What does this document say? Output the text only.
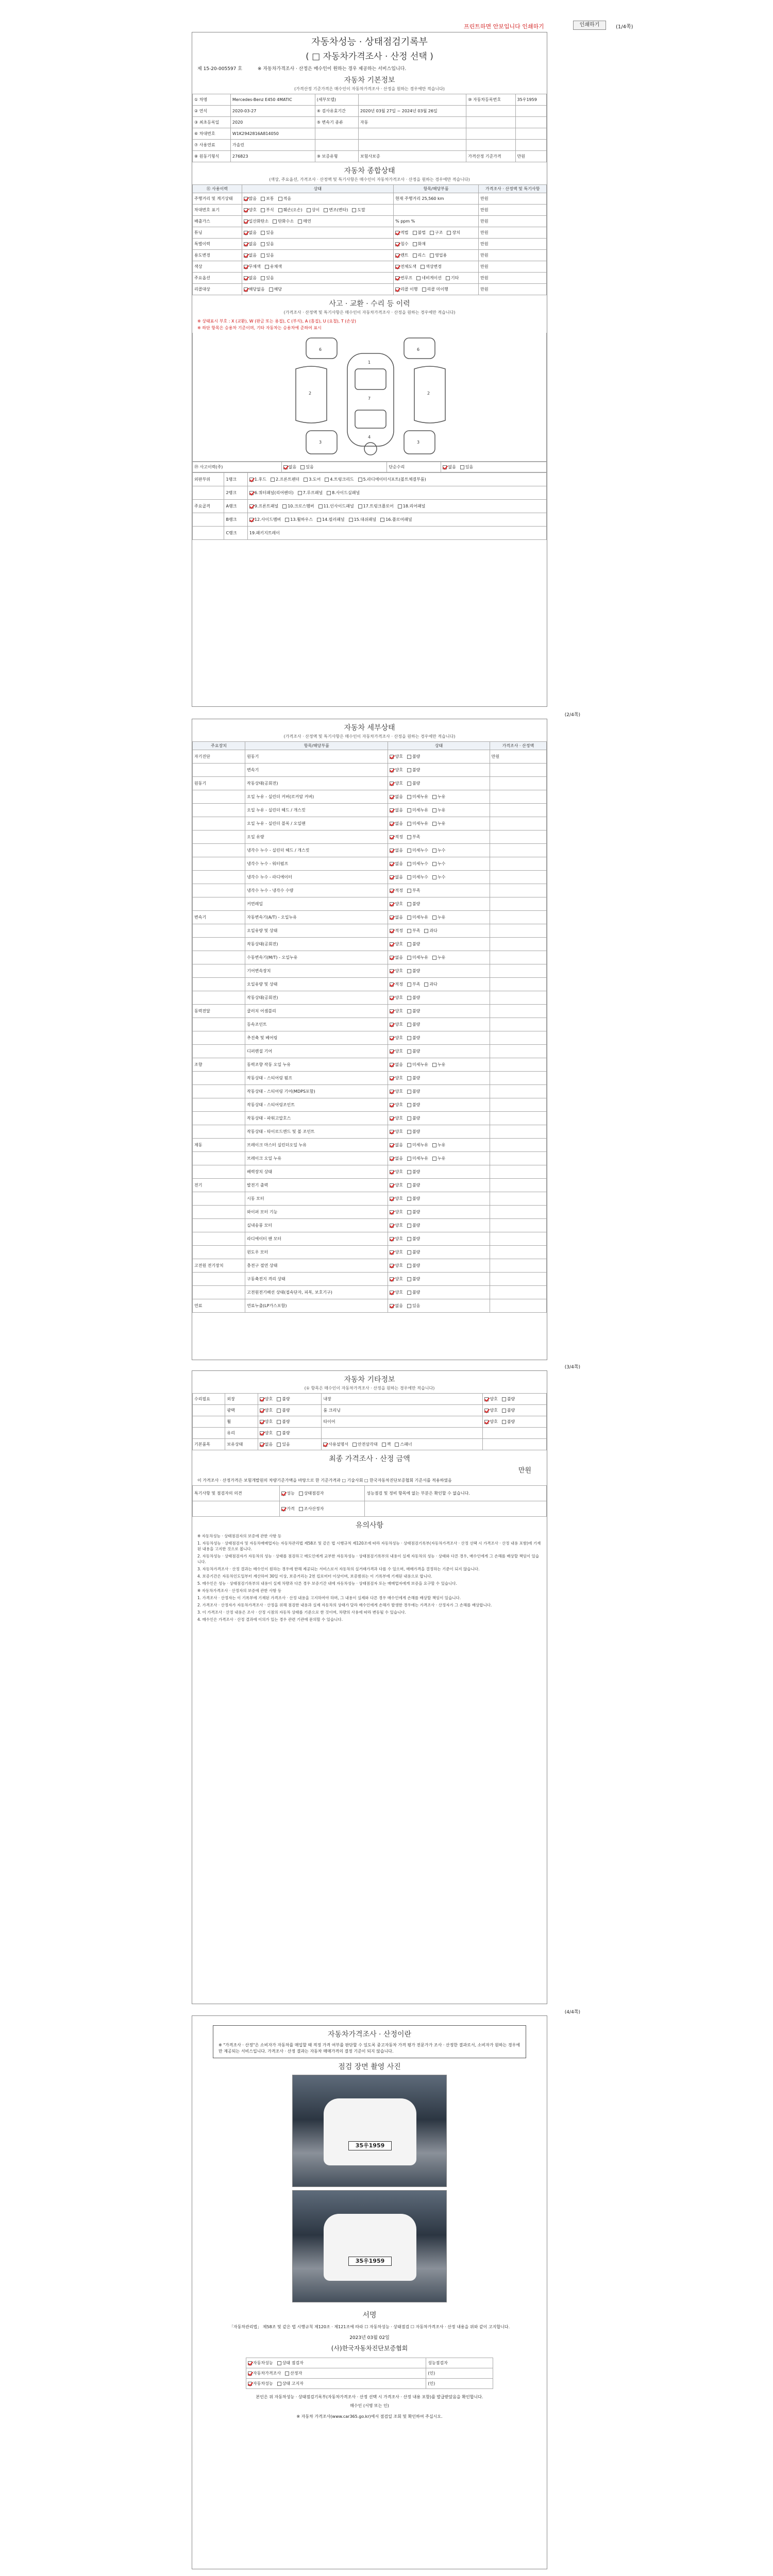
프린트하면 안보입니다 인쇄하기	인쇄하기	(1/4쪽)
자동차성능 · 상태점검기록부
( □ 자동차가격조사 · 산정 선택 )
제 15-20-005597 호	※ 자동차가격조사 · 산정은 매수인이 원하는 경우 제공하는 서비스입니다.
자동차 기본정보
(가격산정 기준가격은 매수인이 자동차가격조사 · 산정을 원하는 경우에만 적습니다)
① 차명	Mercedes-Benz E450 4MATIC	(세부모델)		⑩ 자동차등록번호	35우1959
② 연식	2020-03-27	④ 검사유효기간	2020년 03월 27일 ~ 2024년 03월 26일		
③ 최초등록일	2020	⑤ 변속기 종류	자동		
⑥ 차대번호	W1K2942816A814050				
⑦ 사용연료	가솔린				
⑧ 원동기형식	276823	⑨ 보증유형	보험사보증	가격산정 기준가격	만원
자동차 종합상태
(색상, 주요옵션, 가격조사 · 산정액 및 특기사항은 매수인이 자동차가격조사 · 산정을 원하는 경우에만 적습니다)
⑪ 사용이력	상태	항목/해당부품	가격조사 · 산정액 및 특기사항
주행거리 및 계기상태	많음 보통 적음	현재 주행거리 25,560 km	만원
차대번호 표기	양호 부식 훼손(오손) 상이 변조(변타) 도말		만원
배출가스	일산화탄소 탄화수소 매연	% ppm %	만원
튜닝	없음 있음	적법 불법 구조 장치	만원
특별이력	없음 있음	침수 화재	만원
용도변경	없음 있음	렌트 리스 영업용	만원
색상	무채색 유채색	전체도색 색상변경	만원
주요옵션	없음 있음	썬루프 네비게이션 기타	만원
리콜대상	해당없음 해당	리콜 이행 리콜 미이행	만원
사고 · 교환 · 수리 등 이력
(가격조사 · 산정액 및 특기사항은 매수인이 자동차가격조사 · 산정을 원하는 경우에만 적습니다)
※ 상태표시 부호 : X (교환), W (판금 또는 용접), C (부식), A (흠집), U (요철), T (손상)
※ 하단 항목은 승용차 기준이며, 기타 자동차는 승용차에 준하여 표시
1
7
4
2	2
3	3
6	6
⑲ 사고이력(주)	없음 있음	단순수리	없음 있음
외판부위	1랭크	1.후드 2.프론트펜더 3.도어 4.트렁크리드 5.라디에이터서포트(볼트체결부품)
	2랭크	6.쿼터패널(리어펜더) 7.루프패널 8.사이드실패널
주요골격	A랭크	9.프론트패널 10.크로스멤버 11.인사이드패널 17.트렁크플로어 18.리어패널
	B랭크	12.사이드멤버 13.휠하우스 14.필러패널 15.대쉬패널 16.플로어패널
	C랭크	19.패키지트레이
(2/4쪽)
자동차 세부상태
(가격조사 · 산정액 및 특기사항은 매수인이 자동차가격조사 · 산정을 원하는 경우에만 적습니다)
주요장치	항목/해당부품	상태	가격조사 · 산정액
자기진단	원동기	양호 불량	만원
	변속기	양호 불량	
원동기	작동상태(공회전)	양호 불량	
	오일 누유 - 실린더 커버(로커암 커버)	없음 미세누유 누유	
	오일 누유 - 실린더 헤드 / 개스킷	없음 미세누유 누유	
	오일 누유 - 실린더 블록 / 오일팬	없음 미세누유 누유	
	오일 유량	적정 부족	
	냉각수 누수 - 실린더 헤드 / 개스킷	없음 미세누수 누수	
	냉각수 누수 - 워터펌프	없음 미세누수 누수	
	냉각수 누수 - 라디에이터	없음 미세누수 누수	
	냉각수 누수 - 냉각수 수량	적정 부족	
	커먼레일	양호 불량	
변속기	자동변속기(A/T) - 오일누유	없음 미세누유 누유	
	오일유량 및 상태	적정 부족 과다	
	작동상태(공회전)	양호 불량	
	수동변속기(M/T) - 오일누유	없음 미세누유 누유	
	기어변속장치	양호 불량	
	오일유량 및 상태	적정 부족 과다	
	작동상태(공회전)	양호 불량	
동력전달	클러치 어셈블리	양호 불량	
	등속조인트	양호 불량	
	추진축 및 베어링	양호 불량	
	디퍼렌셜 기어	양호 불량	
조향	동력조향 작동 오일 누유	없음 미세누유 누유	
	작동상태 - 스티어링 펌프	양호 불량	
	작동상태 - 스티어링 기어(MDPS포함)	양호 불량	
	작동상태 - 스티어링조인트	양호 불량	
	작동상태 - 파워고압호스	양호 불량	
	작동상태 - 타이로드엔드 및 볼 조인트	양호 불량	
제동	브레이크 마스터 실린더오일 누유	없음 미세누유 누유	
	브레이크 오일 누유	없음 미세누유 누유	
	배력장치 상태	양호 불량	
전기	발전기 출력	양호 불량	
	시동 모터	양호 불량	
	와이퍼 모터 기능	양호 불량	
	실내송풍 모터	양호 불량	
	라디에이터 팬 모터	양호 불량	
	윈도우 모터	양호 불량	
고전원 전기장치	충전구 절연 상태	양호 불량	
	구동축전지 격리 상태	양호 불량	
	고전원전기배선 상태(접속단자, 피복, 보호기구)	양호 불량	
연료	연료누출(LP가스포함)	없음 있음	
(3/4쪽)
자동차 기타정보
(① 항목은 매수인이 자동차가격조사 · 산정을 원하는 경우에만 적습니다)
수리필요	외장	양호 불량	내장	양호 불량
	광택	양호 불량	룸 크리닝	양호 불량
	휠	양호 불량	타이어	양호 불량
	유리	양호 불량		
기본품목	보유상태	없음 있음	사용설명서 안전삼각대 잭 스패너	
최종 가격조사 · 산정 금액
만원
이 가격조사 · 산정가격은 보험개발원의 차량기준가액을 바탕으로 한 기준가격과 □ 기술사회 □ 한국자동차진단보증협회 기준서를 적용하였음
특기사항 및 점검자의 의견	성능 상태점검자	성능점검 및 정비 항목에 없는 부분은 확인할 수 없습니다.
	가격 조사산정자	
유의사항

※ 자동차성능 · 상태점검자의 보증에 관한 사항 등

1. 자동차성능 · 상태점검자 및 자동차매매업자는 자동차관리법 제58조 및 같은 법 시행규칙 제120조에 따라 자동차성능 · 상태점검기록부(자동차가격조사 · 산정 선택 시 가격조사 · 산정 내용 포함)에 기재된 내용을 고지한 것으로 봅니다.

2. 자동차성능 · 상태점검자가 자동차의 성능 · 상태를 점검하고 매도인에게 교부한 자동차성능 · 상태점검기록부의 내용이 실제 자동차의 성능 · 상태와 다른 경우, 매수인에게 그 손해를 배상할 책임이 있습니다.

3. 자동차가격조사 · 산정 결과는 매수인이 원하는 경우에 한해 제공되는 서비스로서 자동차의 실거래가격과 다를 수 있으며, 매매가격을 결정하는 기준이 되지 않습니다.

4. 보증기간은 자동차인도일부터 계산하여 30일 이상, 보증거리는 2천 킬로미터 이상이며, 보증범위는 이 기록부에 기재된 내용으로 합니다.

5. 매수인은 성능 · 상태점검기록부의 내용이 실제 차량과 다른 경우 보증기간 내에 자동차성능 · 상태점검자 또는 매매업자에게 보증을 요구할 수 있습니다.

※ 자동차가격조사 · 산정자의 보증에 관한 사항 등

1. 가격조사 · 산정자는 이 기록부에 기재된 가격조사 · 산정 내용을 고지하여야 하며, 그 내용이 실제와 다른 경우 매수인에게 손해를 배상할 책임이 있습니다.

2. 가격조사 · 산정자가 자동차가격조사 · 산정을 위해 점검한 내용과 실제 자동차의 상태가 달라 매수인에게 손해가 발생한 경우에는 가격조사 · 산정자가 그 손해를 배상합니다.

3. 이 가격조사 · 산정 내용은 조사 · 산정 시점의 자동차 상태를 기준으로 한 것이며, 차량의 사용에 따라 변동될 수 있습니다.

4. 매수인은 가격조사 · 산정 결과에 이의가 있는 경우 관련 기관에 문의할 수 있습니다.

(4/4쪽)
자동차가격조사 · 산정이란
※ "가격조사 · 산정"은 소비자가 자동차를 매입할 때 적정 가격 여부를 판단할 수 있도록 중고자동차 가격 평가 전문가가 조사 · 산정한 결과로서, 소비자가 원하는 경우에만 제공되는 서비스입니다. 가격조사 · 산정 결과는 자동차 매매가격의 결정 기준이 되지 않습니다.
점검 장면 촬영 사진
35우1959
35우1959
서명
「자동차관리법」 제58조 및 같은 법 시행규칙 제120조 · 제121조에 따라 ☐ 자동차성능 · 상태점검 ☐ 자동차가격조사 · 산정 내용을 위와 같이 고지합니다.
2023년 03월 02일
(사)한국자동차진단보증협회
자동차성능 상태 점검자	성능점검자
자동차가격조사 산정자	(인)
자동차성능 상태 고지자	(인)
본인은 위 자동차성능 · 상태점검기록부(자동차가격조사 · 산정 선택 시 가격조사 · 산정 내용 포함)를 발급받았음을 확인합니다.
매수인 (서명 또는 인)
※ 자동차 가격조사(www.car365.go.kr)에서 점검일 조회 및 확인하여 주십시오.
